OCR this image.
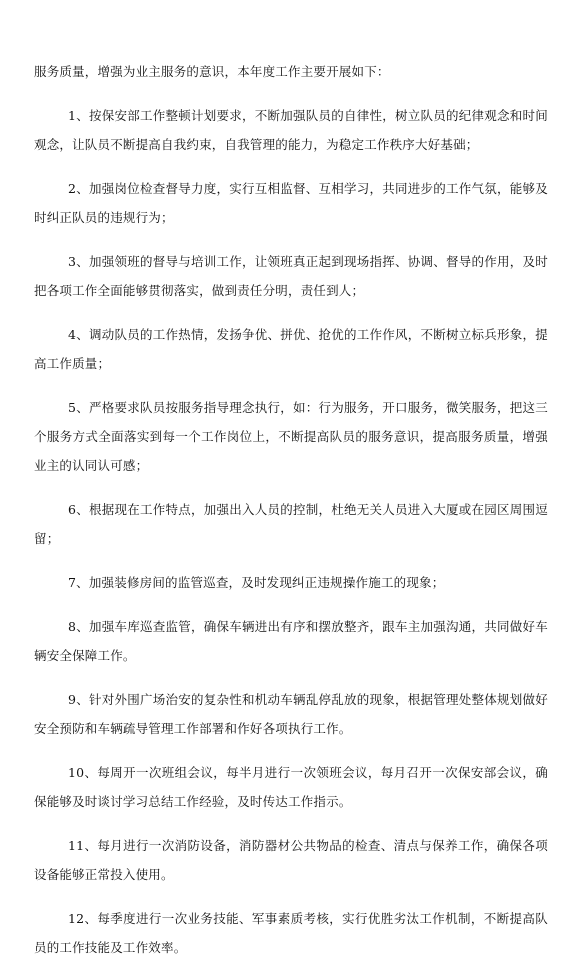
服务质量，增强为业主服务的意识，本年度工作主要开展如下：

1、按保安部工作整顿计划要求，不断加强队员的自律性，树立队员的纪律观念和时间观念，让队员不断提高自我约束，自我管理的能力，为稳定工作秩序大好基础；

2、加强岗位检查督导力度，实行互相监督、互相学习，共同进步的工作气氛，能够及时纠正队员的违规行为；

3、加强领班的督导与培训工作，让领班真正起到现场指挥、协调、督导的作用，及时把各项工作全面能够贯彻落实，做到责任分明，责任到人；

4、调动队员的工作热情，发扬争优、拼优、抢优的工作作风，不断树立标兵形象，提高工作质量；

5、严格要求队员按服务指导理念执行，如：行为服务，开口服务，微笑服务，把这三个服务方式全面落实到每一个工作岗位上，不断提高队员的服务意识，提高服务质量，增强业主的认同认可感；

6、根据现在工作特点，加强出入人员的控制，杜绝无关人员进入大厦或在园区周围逗留；

7、加强装修房间的监管巡查，及时发现纠正违规操作施工的现象；

8、加强车库巡查监管，确保车辆进出有序和摆放整齐，跟车主加强沟通，共同做好车辆安全保障工作。

9、针对外围广场治安的复杂性和机动车辆乱停乱放的现象，根据管理处整体规划做好安全预防和车辆疏导管理工作部署和作好各项执行工作。

10、每周开一次班组会议，每半月进行一次领班会议，每月召开一次保安部会议，确保能够及时谈讨学习总结工作经验，及时传达工作指示。

11、每月进行一次消防设备，消防器材公共物品的检查、清点与保养工作，确保各项设备能够正常投入使用。

12、每季度进行一次业务技能、军事素质考核，实行优胜劣汰工作机制，不断提高队员的工作技能及工作效率。
